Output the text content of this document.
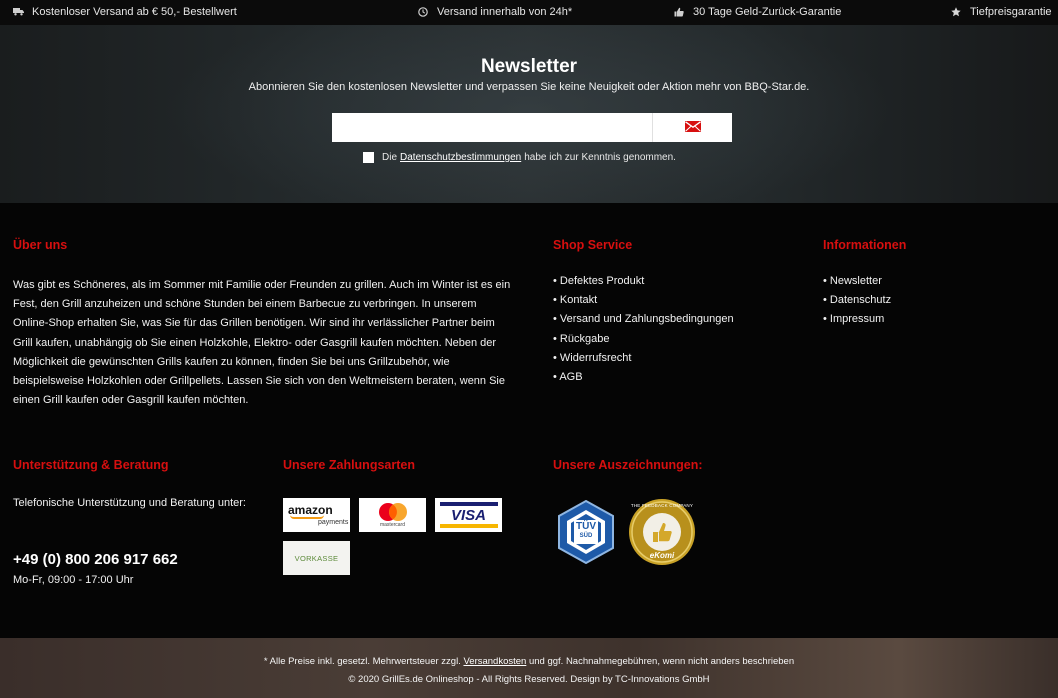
Kostenloser Versand ab € 50,- Bestellwert	Versand innerhalb von 24h*	30 Tage Geld-Zurück-Garantie	Tiefpreisgarantie
Newsletter
Abonnieren Sie den kostenlosen Newsletter und verpassen Sie keine Neuigkeit oder Aktion mehr von BBQ-Star.de.
Die Datenschutzbestimmungen habe ich zur Kenntnis genommen.
Über uns
Was gibt es Schöneres, als im Sommer mit Familie oder Freunden zu grillen. Auch im Winter ist es ein Fest, den Grill anzuheizen und schöne Stunden bei einem Barbecue zu verbringen. In unserem Online-Shop erhalten Sie, was Sie für das Grillen benötigen. Wir sind ihr verlässlicher Partner beim Grill kaufen, unabhängig ob Sie einen Holzkohle, Elektro- oder Gasgrill kaufen möchten. Neben der Möglichkeit die gewünschten Grills kaufen zu können, finden Sie bei uns Grillzubehör, wie beispielsweise Holzkohlen oder Grillpellets. Lassen Sie sich von den Weltmeistern beraten, wenn Sie einen Grill kaufen oder Gasgrill kaufen möchten.
Shop Service
• Defektes Produkt
• Kontakt
• Versand und Zahlungsbedingungen
• Rückgabe
• Widerrufsrecht
• AGB
Informationen
• Newsletter
• Datenschutz
• Impressum
Unterstützung & Beratung
Telefonische Unterstützung und Beratung unter:
+49 (0) 800 206 917 662
Mo-Fr, 09:00 - 17:00 Uhr
Unsere Zahlungsarten
amazon
payments	mastercard
VISA
VORKASSE
Unsere Auszeichnungen:
TÜV
SÜD
THE FEEDBACK COMPANY
eKomi
* Alle Preise inkl. gesetzl. Mehrwertsteuer zzgl. Versandkosten und ggf. Nachnahmegebühren, wenn nicht anders beschrieben
© 2020 GrillEs.de Onlineshop - All Rights Reserved. Design by TC-Innovations GmbH
